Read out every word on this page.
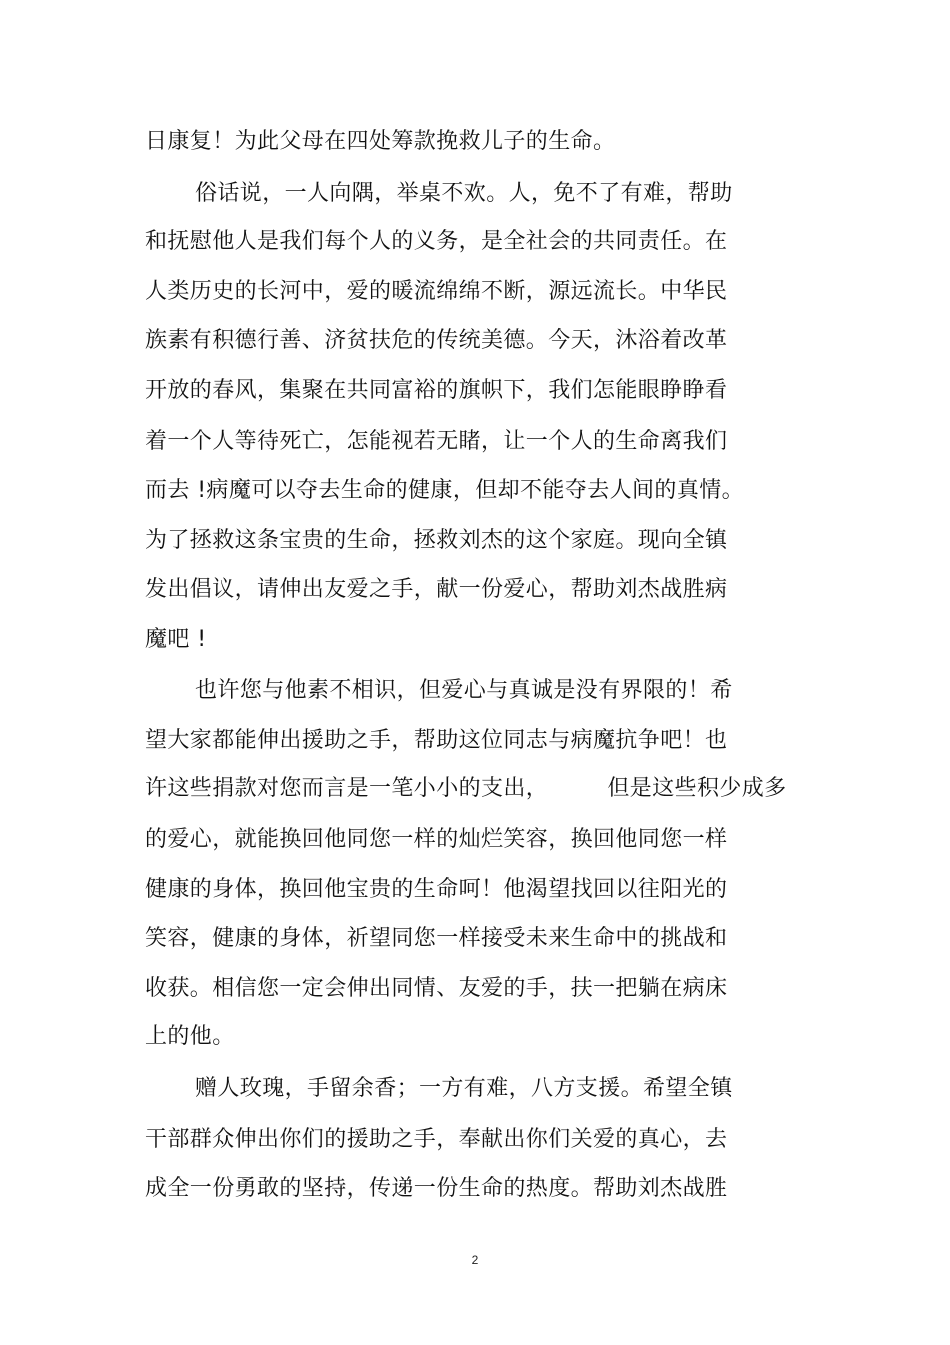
日康复！为此父母在四处筹款挽救儿子的生命。
俗话说，一人向隅，举桌不欢。人，免不了有难，帮助
和抚慰他人是我们每个人的义务，是全社会的共同责任。在
人类历史的长河中，爱的暖流绵绵不断，源远流长。中华民
族素有积德行善、济贫扶危的传统美德。今天，沐浴着改革
开放的春风，集聚在共同富裕的旗帜下，我们怎能眼睁睁看
着一个人等待死亡，怎能视若无睹，让一个人的生命离我们
而去 !病魔可以夺去生命的健康，但却不能夺去人间的真情。
为了拯救这条宝贵的生命，拯救刘杰的这个家庭。现向全镇
发出倡议，请伸出友爱之手，献一份爱心，帮助刘杰战胜病
魔吧 !
也许您与他素不相识，但爱心与真诚是没有界限的！希
望大家都能伸出援助之手，帮助这位同志与病魔抗争吧！也
许这些捐款对您而言是一笔小小的支出，        但是这些积少成多
的爱心，就能换回他同您一样的灿烂笑容，换回他同您一样
健康的身体，换回他宝贵的生命呵！他渴望找回以往阳光的
笑容，健康的身体，祈望同您一样接受未来生命中的挑战和
收获。相信您一定会伸出同情、友爱的手，扶一把躺在病床
上的他。
赠人玫瑰，手留余香；一方有难，八方支援。希望全镇
干部群众伸出你们的援助之手，奉献出你们关爱的真心，去
成全一份勇敢的坚持，传递一份生命的热度。帮助刘杰战胜
2
